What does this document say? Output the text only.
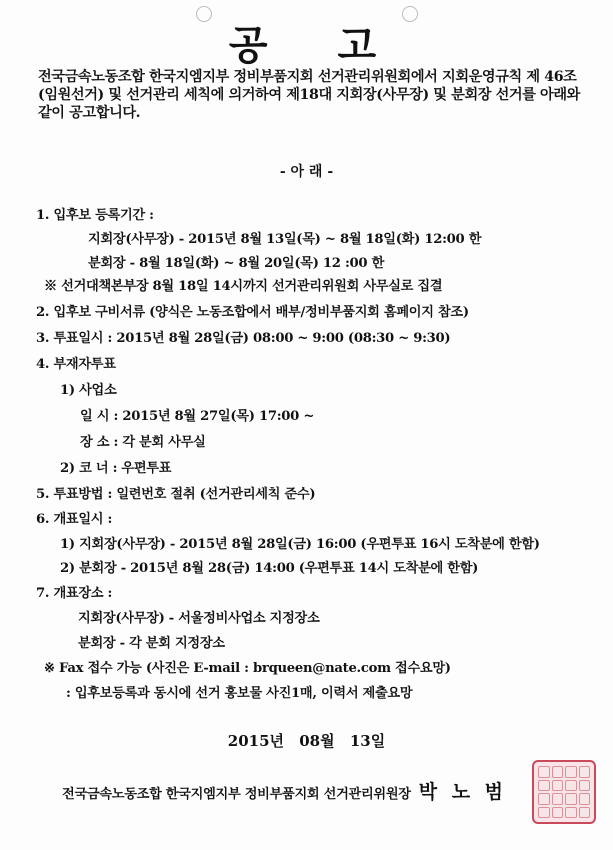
공 고
전국금속노동조합 한국지엠지부 정비부품지회 선거관리위원회에서 지회운영규칙 제 46조(임원선거) 및 선거관리 세칙에 의거하여 제18대 지회장(사무장) 및 분회장 선거를 아래와 같이 공고합니다.
- 아 래 -
1. 입후보 등록기간 :
지회장(사무장) - 2015년 8월 13일(목) ~ 8월 18일(화) 12:00 한
분회장 - 8월 18일(화) ~ 8월 20일(목) 12 :00 한
※ 선거대책본부장 8월 18일 14시까지 선거관리위원회 사무실로 집결
2. 입후보 구비서류 (양식은 노동조합에서 배부/정비부품지회 홈페이지 참조)
3. 투표일시 : 2015년 8월 28일(금) 08:00 ~ 9:00 (08:30 ~ 9:30)
4. 부재자투표
1) 사업소
일 시 : 2015년 8월 27일(목) 17:00 ~
장 소 : 각 분회 사무실
2) 코 너 : 우편투표
5. 투표방법 : 일련번호 절취 (선거관리세칙 준수)
6. 개표일시 :
1) 지회장(사무장) - 2015년 8월 28일(금) 16:00 (우편투표 16시 도착분에 한함)
2) 분회장 - 2015년 8월 28(금) 14:00 (우편투표 14시 도착분에 한함)
7. 개표장소 :
지회장(사무장) - 서울정비사업소 지정장소
분회장 - 각 분회 지정장소
※ Fax 접수 가능 (사진은 E-mail : brqueen@nate.com 접수요망)
: 입후보등록과 동시에 선거 홍보물 사진1매, 이력서 제출요망
2015년 08월 13일
전국금속노동조합 한국지엠지부 정비부품지회 선거관리위원장 박 노 범
